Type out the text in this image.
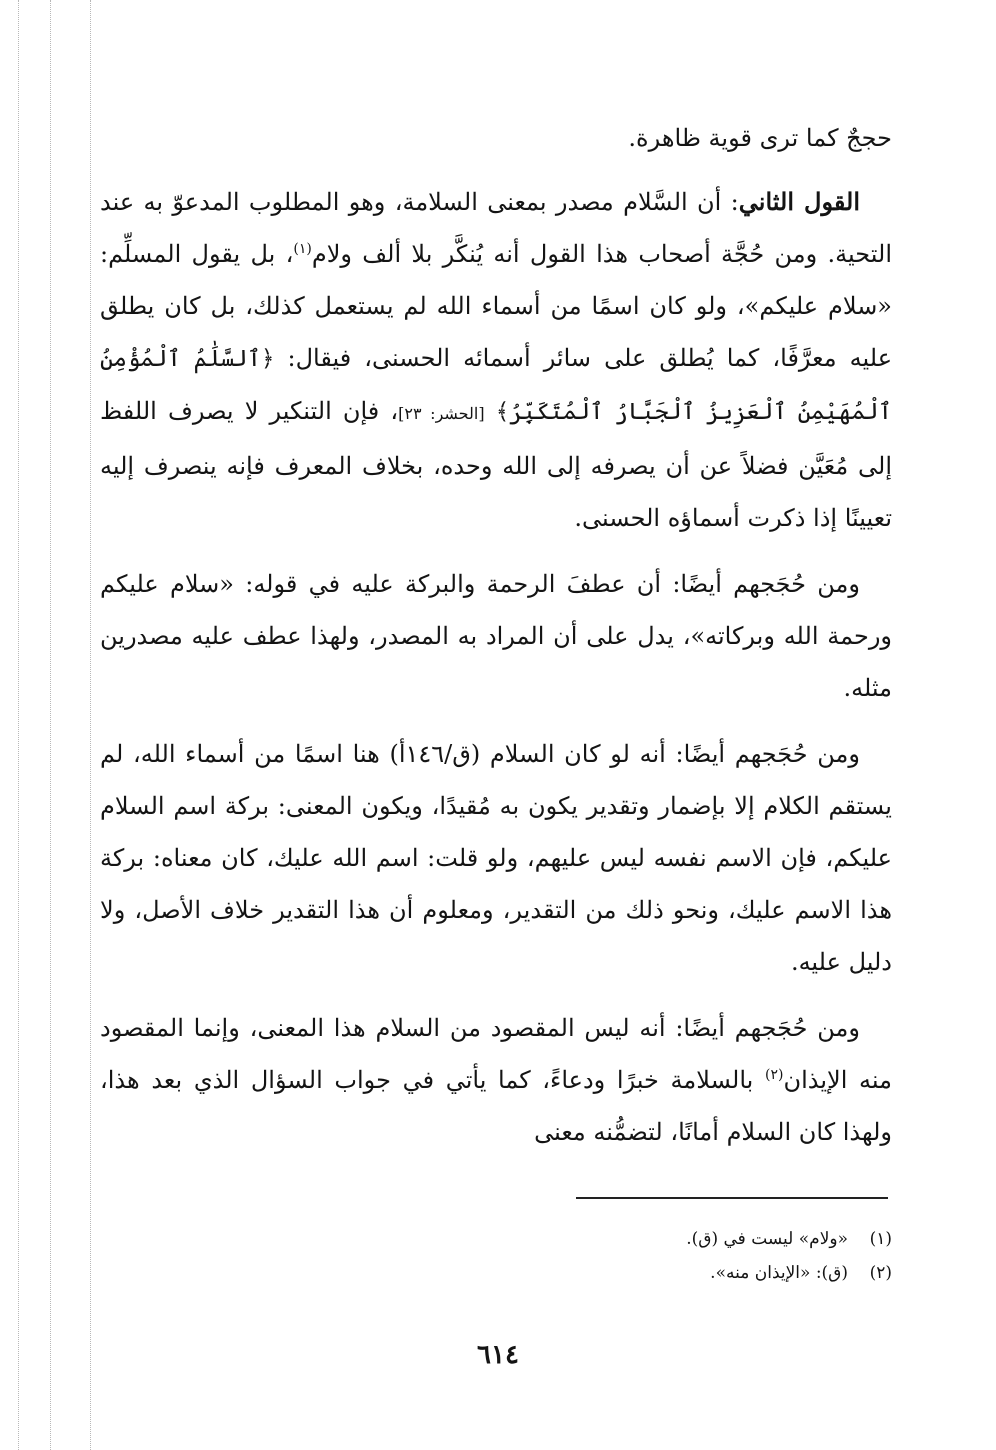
حججٌ كما ترى قوية ظاهرة.

القول الثاني: أن السَّلام مصدر بمعنى السلامة، وهو المطلوب المدعوّ به عند التحية. ومن حُجَّة أصحاب هذا القول أنه يُنكَّر بلا ألف ولام$^{(١)}$، بل يقول المسلِّم: «سلام عليكم»، ولو كان اسمًا من أسماء الله لم يستعمل كذلك، بل كان يطلق عليه معرَّفًا، كما يُطلق على سائر أسمائه الحسنى، فيقال: ﴿ٱلسَّلَٰمُ ٱلْمُؤْمِنُ ٱلْمُهَيْمِنُ ٱلْعَزِيزُ ٱلْجَبَّارُ ٱلْمُتَكَبِّرُ﴾ [الحشر: ٢٣]، فإن التنكير لا يصرف اللفظ إلى مُعَيَّن فضلاً عن أن يصرفه إلى الله وحده، بخلاف المعرف فإنه ينصرف إليه تعيينًا إذا ذكرت أسماؤه الحسنى.

ومن حُجَجهم أيضًا: أن عطفَ الرحمة والبركة عليه في قوله: «سلام عليكم ورحمة الله وبركاته»، يدل على أن المراد به المصدر، ولهذا عطف عليه مصدرين مثله.

ومن حُجَجهم أيضًا: أنه لو كان السلام (ق/١٤٦أ) هنا اسمًا من أسماء الله، لم يستقم الكلام إلا بإضمار وتقدير يكون به مُقيدًا، ويكون المعنى: بركة اسم السلام عليكم، فإن الاسم نفسه ليس عليهم، ولو قلت: اسم الله عليك، كان معناه: بركة هذا الاسم عليك، ونحو ذلك من التقدير، ومعلوم أن هذا التقدير خلاف الأصل، ولا دليل عليه.

ومن حُجَجهم أيضًا: أنه ليس المقصود من السلام هذا المعنى، وإنما المقصود منه الإيذان$^{(٢)}$ بالسلامة خبرًا ودعاءً، كما يأتي في جواب السؤال الذي بعد هذا، ولهذا كان السلام أمانًا، لتضمُّنه معنى

(١)«ولام» ليست في (ق).
(٢)(ق): «الإيذان منه».
٦١٤
